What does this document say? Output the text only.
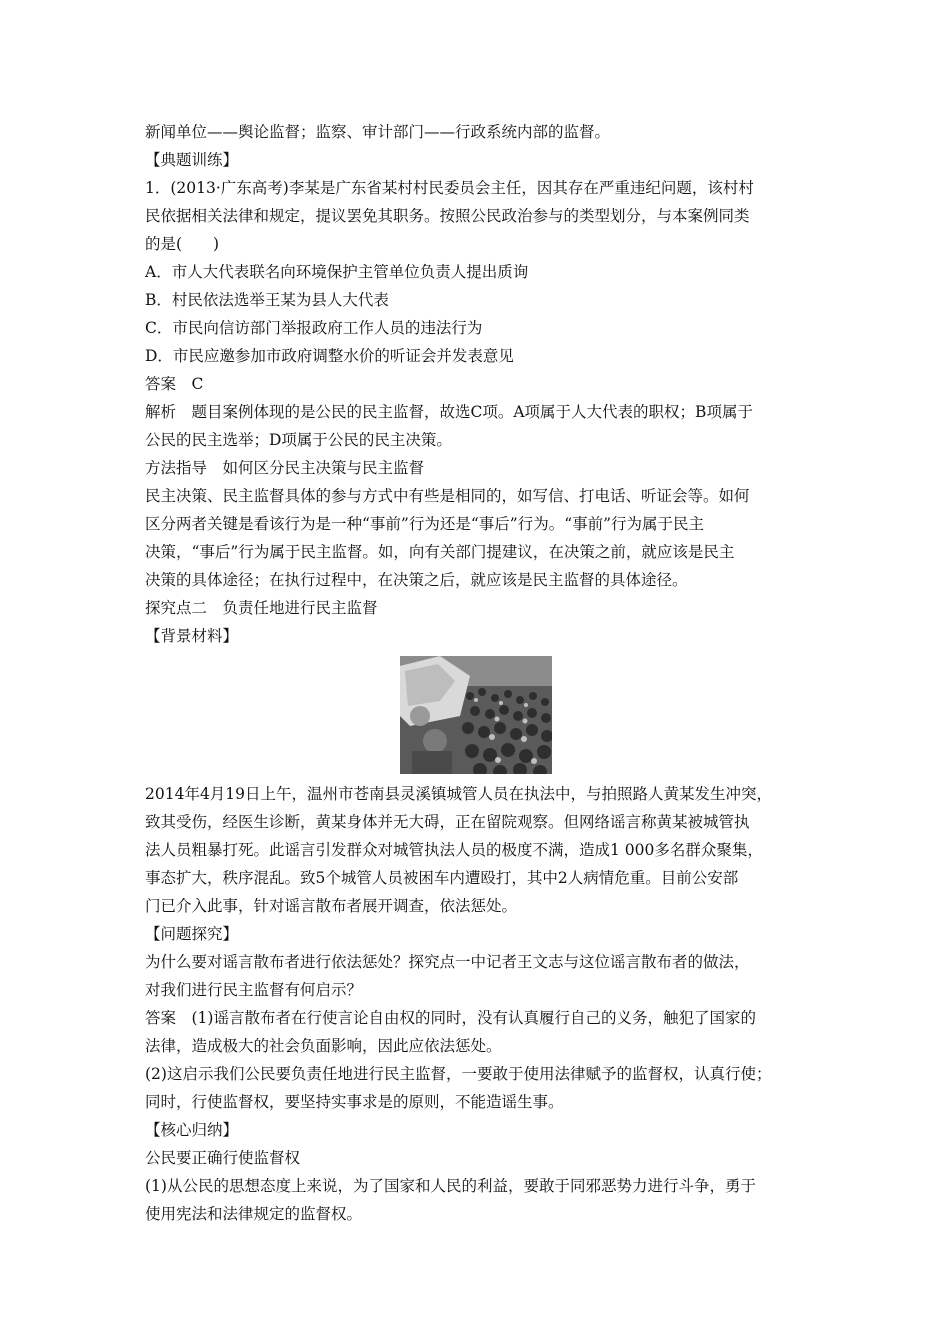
新闻单位——舆论监督；监察、审计部门——行政系统内部的监督。
【典题训练】
1．(2013·广东高考)李某是广东省某村村民委员会主任，因其存在严重违纪问题，该村村
民依据相关法律和规定，提议罢免其职务。按照公民政治参与的类型划分，与本案例同类
的是(　　)
A．市人大代表联名向环境保护主管单位负责人提出质询
B．村民依法选举王某为县人大代表
C．市民向信访部门举报政府工作人员的违法行为
D．市民应邀参加市政府调整水价的听证会并发表意见
答案　C
解析　题目案例体现的是公民的民主监督，故选C项。A项属于人大代表的职权；B项属于
公民的民主选举；D项属于公民的民主决策。
方法指导　如何区分民主决策与民主监督
民主决策、民主监督具体的参与方式中有些是相同的，如写信、打电话、听证会等。如何
区分两者关键是看该行为是一种“事前”行为还是“事后”行为。“事前”行为属于民主
决策，“事后”行为属于民主监督。如，向有关部门提建议，在决策之前，就应该是民主
决策的具体途径；在执行过程中，在决策之后，就应该是民主监督的具体途径。
探究点二　负责任地进行民主监督
【背景材料】
2014年4月19日上午，温州市苍南县灵溪镇城管人员在执法中，与拍照路人黄某发生冲突，
致其受伤，经医生诊断，黄某身体并无大碍，正在留院观察。但网络谣言称黄某被城管执
法人员粗暴打死。此谣言引发群众对城管执法人员的极度不满，造成1 000多名群众聚集，
事态扩大，秩序混乱。致5个城管人员被困车内遭殴打，其中2人病情危重。目前公安部
门已介入此事，针对谣言散布者展开调查，依法惩处。
【问题探究】
为什么要对谣言散布者进行依法惩处？探究点一中记者王文志与这位谣言散布者的做法，
对我们进行民主监督有何启示？
答案　(1)谣言散布者在行使言论自由权的同时，没有认真履行自己的义务，触犯了国家的
法律，造成极大的社会负面影响，因此应依法惩处。
(2)这启示我们公民要负责任地进行民主监督，一要敢于使用法律赋予的监督权，认真行使；
同时，行使监督权，要坚持实事求是的原则，不能造谣生事。
【核心归纳】
公民要正确行使监督权
(1)从公民的思想态度上来说，为了国家和人民的利益，要敢于同邪恶势力进行斗争，勇于
使用宪法和法律规定的监督权。
